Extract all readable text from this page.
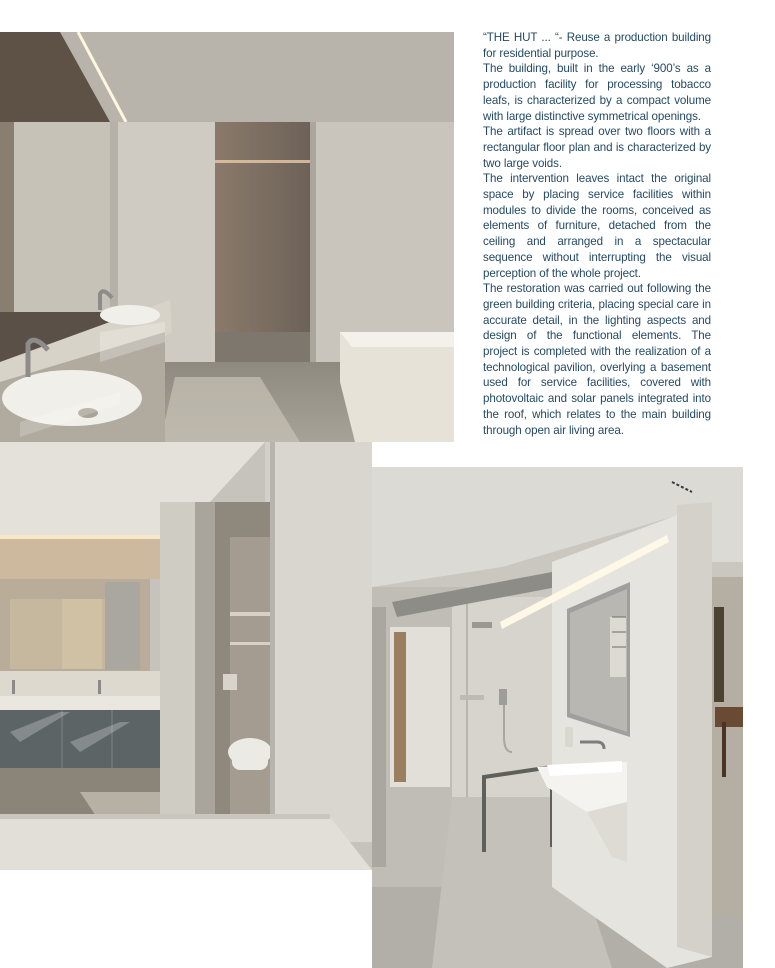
“THE HUT ... “- Reuse a production building for residential purpose.

The building, built in the early ‘900’s as a production facility for processing tobacco leafs, is characterized by a compact volume with large distinctive symmetrical openings.

The artifact is spread over two floors with a rectangular floor plan and is characterized by two large voids.

The intervention leaves intact the original space by placing service facilities within modules to divide the rooms, conceived as elements of furniture, detached from the ceiling and arranged in a spectacular sequence without interrupting the visual perception of the whole project.

The restoration was carried out following the green building criteria, placing special care in accurate detail, in the lighting aspects and design of the functional elements. The project is completed with the realization of a technological pavilion, overlying a basement used for service facilities, covered with photovoltaic and solar panels integrated into the roof, which relates to the main building through open air living area.
